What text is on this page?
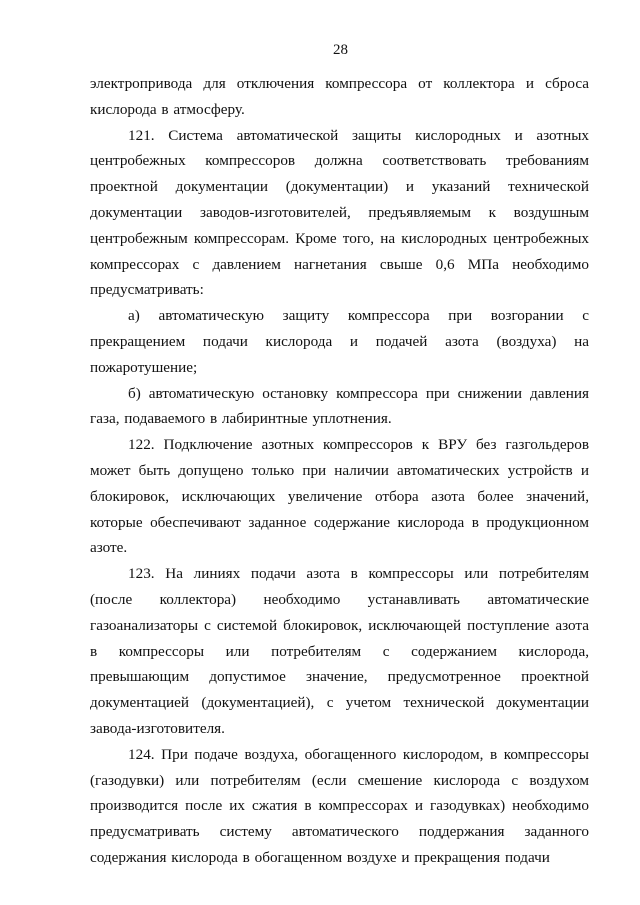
28

электропривода для отключения компрессора от коллектора и сброса кислорода в атмосферу.

121. Система автоматической защиты кислородных и азотных центробежных компрессоров должна соответствовать требованиям проектной документации (документации) и указаний технической документации заводов-изготовителей, предъявляемым к воздушным центробежным компрессорам. Кроме того, на кислородных центробежных компрессорах с давлением нагнетания свыше 0,6 МПа необходимо предусматривать:

а) автоматическую защиту компрессора при возгорании с прекращением подачи кислорода и подачей азота (воздуха) на пожаротушение;

б) автоматическую остановку компрессора при снижении давления газа, подаваемого в лабиринтные уплотнения.

122. Подключение азотных компрессоров к ВРУ без газгольдеров может быть допущено только при наличии автоматических устройств и блокировок, исключающих увеличение отбора азота более значений, которые обеспечивают заданное содержание кислорода в продукционном азоте.

123. На линиях подачи азота в компрессоры или потребителям (после коллектора) необходимо устанавливать автоматические газоанализаторы с системой блокировок, исключающей поступление азота в компрессоры или потребителям с содержанием кислорода, превышающим допустимое значение, предусмотренное проектной документацией (документацией), с учетом технической документации завода-изготовителя.

124. При подаче воздуха, обогащенного кислородом, в компрессоры (газодувки) или потребителям (если смешение кислорода с воздухом производится после их сжатия в компрессорах и газодувках) необходимо предусматривать систему автоматического поддержания заданного содержания кислорода в обогащенном воздухе и прекращения подачи
